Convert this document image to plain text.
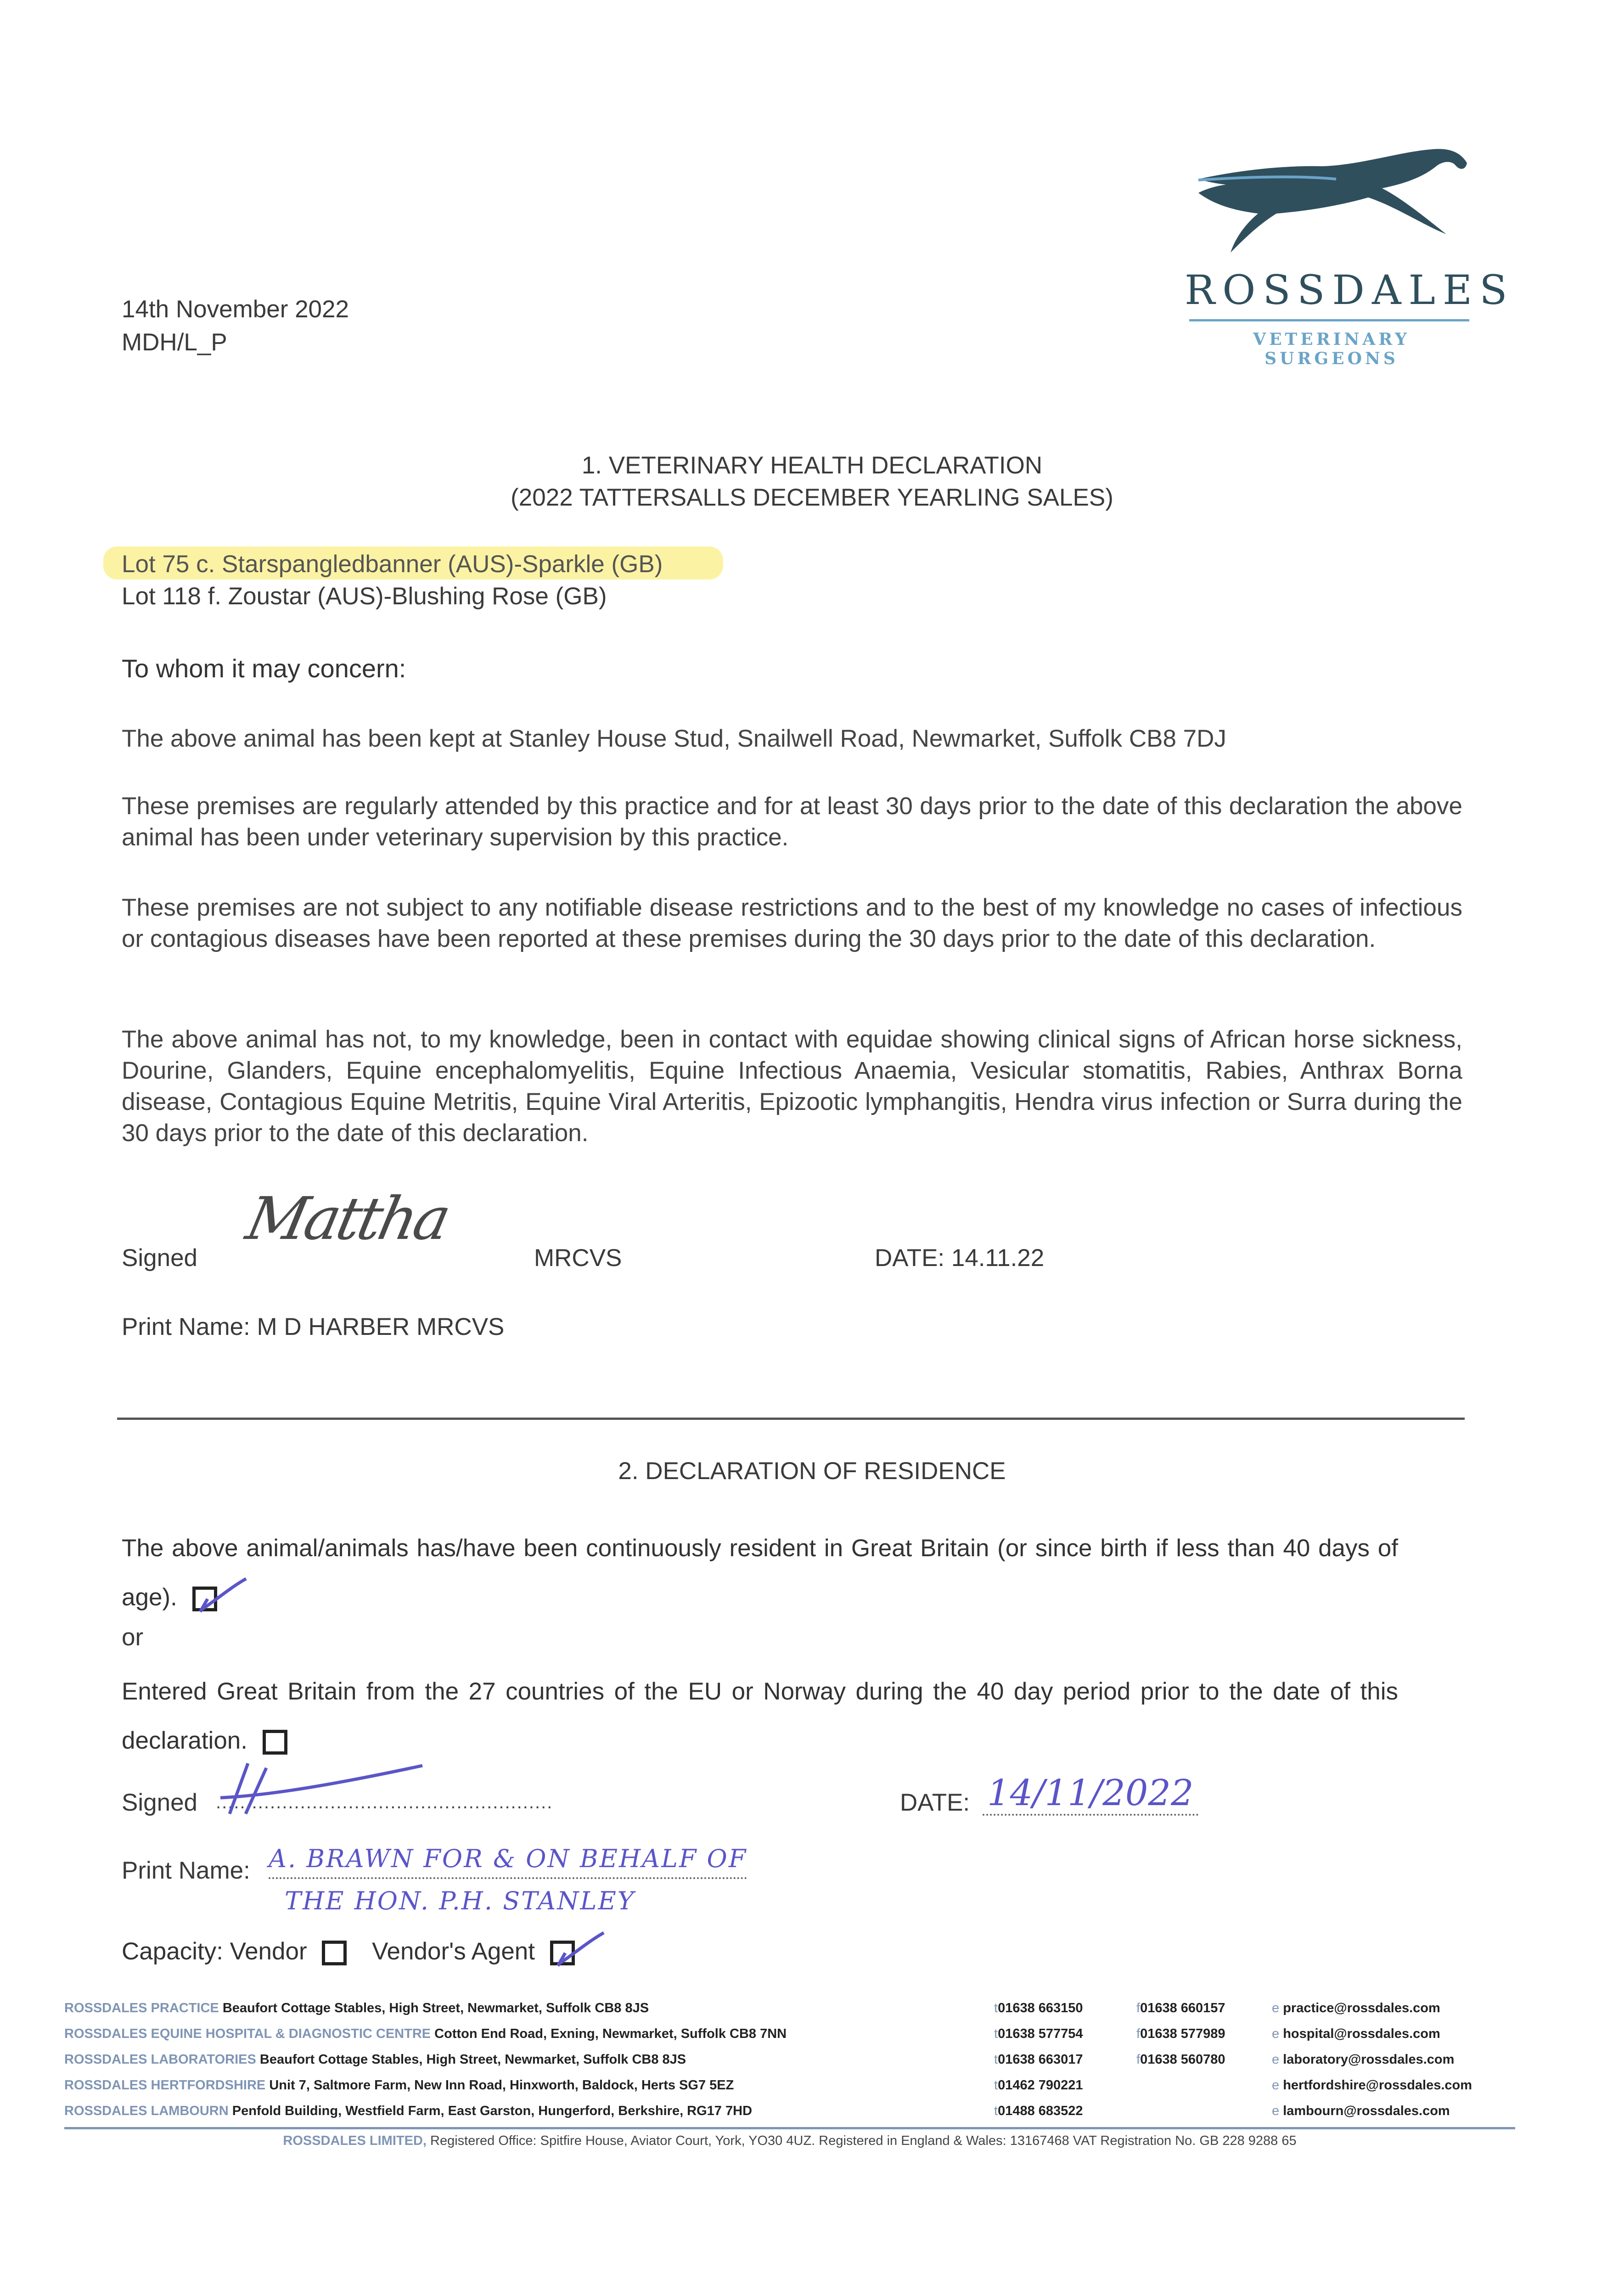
ROSSDALES
VETERINARY SURGEONS
14th November 2022
MDH/L_P
1. VETERINARY HEALTH DECLARATION
(2022 TATTERSALLS DECEMBER YEARLING SALES)
Lot 75 c. Starspangledbanner (AUS)-Sparkle (GB)
Lot 118 f. Zoustar (AUS)-Blushing Rose (GB)
To whom it may concern:
The above animal has been kept at Stanley House Stud, Snailwell Road, Newmarket, Suffolk CB8 7DJ
These premises are regularly attended by this practice and for at least 30 days prior to the date of this declaration the above animal has been under veterinary supervision by this practice.
These premises are not subject to any notifiable disease restrictions and to the best of my knowledge no cases of infectious or contagious diseases have been reported at these premises during the 30 days prior to the date of this declaration.
The above animal has not, to my knowledge, been in contact with equidae showing clinical signs of African horse sickness, Dourine, Glanders, Equine encephalomyelitis, Equine Infectious Anaemia, Vesicular stomatitis, Rabies, Anthrax Borna disease, Contagious Equine Metritis, Equine Viral Arteritis, Epizootic lymphangitis, Hendra virus infection or Surra during the 30 days prior to the date of this declaration.
Signed
Mattha
MRCVS	DATE: 14.11.22
Print Name: M D HARBER MRCVS
2. DECLARATION OF RESIDENCE
The above animal/animals has/have been continuously resident in Great Britain (or since birth if less than 40 days of age).
or
Entered Great Britain from the 27 countries of the EU or Norway during the 40 day period prior to the date of this declaration.
Signed ........................................................	DATE: 14/11/2022
Print Name: A. BRAWN FOR & ON BEHALF OF
THE HON. P.H. STANLEY
Capacity: Vendor	Vendor's Agent
ROSSDALES PRACTICE Beaufort Cottage Stables, High Street, Newmarket, Suffolk CB8 8JS	t01638 663150	f01638 660157	e practice@rossdales.com
ROSSDALES EQUINE HOSPITAL & DIAGNOSTIC CENTRE Cotton End Road, Exning, Newmarket, Suffolk CB8 7NN	t01638 577754	f01638 577989	e hospital@rossdales.com
ROSSDALES LABORATORIES Beaufort Cottage Stables, High Street, Newmarket, Suffolk CB8 8JS	t01638 663017	f01638 560780	e laboratory@rossdales.com
ROSSDALES HERTFORDSHIRE Unit 7, Saltmore Farm, New Inn Road, Hinxworth, Baldock, Herts SG7 5EZ	t01462 790221	e hertfordshire@rossdales.com
ROSSDALES LAMBOURN Penfold Building, Westfield Farm, East Garston, Hungerford, Berkshire, RG17 7HD	t01488 683522	e lambourn@rossdales.com
ROSSDALES LIMITED, Registered Office: Spitfire House, Aviator Court, York, YO30 4UZ. Registered in England & Wales: 13167468 VAT Registration No. GB 228 9288 65
